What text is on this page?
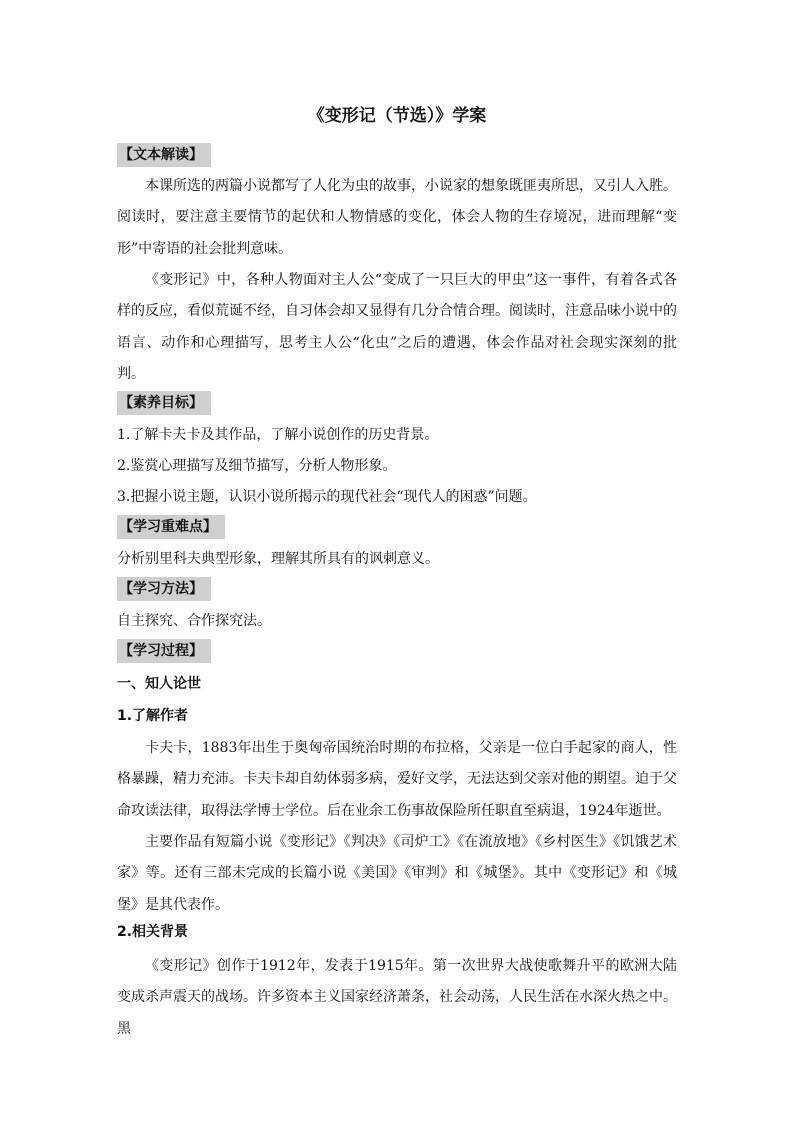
《变形记（节选）》学案
【文本解读】

本课所选的两篇小说都写了人化为虫的故事，小说家的想象既匪夷所思，又引人入胜。阅读时，要注意主要情节的起伏和人物情感的变化，体会人物的生存境况，进而理解“变形”中寄语的社会批判意味。

《变形记》中，各种人物面对主人公“变成了一只巨大的甲虫”这一事件，有着各式各样的反应，看似荒诞不经，自习体会却又显得有几分合情合理。阅读时，注意品味小说中的语言、动作和心理描写，思考主人公“化虫”之后的遭遇，体会作品对社会现实深刻的批判。

【素养目标】
1.了解卡夫卡及其作品，了解小说创作的历史背景。
2.鉴赏心理描写及细节描写，分析人物形象。
3.把握小说主题，认识小说所揭示的现代社会“现代人的困惑”问题。
【学习重难点】
分析别里科夫典型形象，理解其所具有的讽刺意义。
【学习方法】
自主探究、合作探究法。
【学习过程】
一、知人论世
1.了解作者

卡夫卡，1883年出生于奥匈帝国统治时期的布拉格，父亲是一位白手起家的商人，性格暴躁，精力充沛。卡夫卡却自幼体弱多病，爱好文学，无法达到父亲对他的期望。迫于父命攻读法律，取得法学博士学位。后在业余工伤事故保险所任职直至病退，1924年逝世。

主要作品有短篇小说《变形记》《判决》《司炉工》《在流放地》《乡村医生》《饥饿艺术家》等。还有三部未完成的长篇小说《美国》《审判》和《城堡》。其中《变形记》和《城堡》是其代表作。

2.相关背景

《变形记》创作于1912年，发表于1915年。第一次世界大战使歌舞升平的欧洲大陆变成杀声震天的战场。许多资本主义国家经济萧条，社会动荡，人民生活在水深火热之中。黑
